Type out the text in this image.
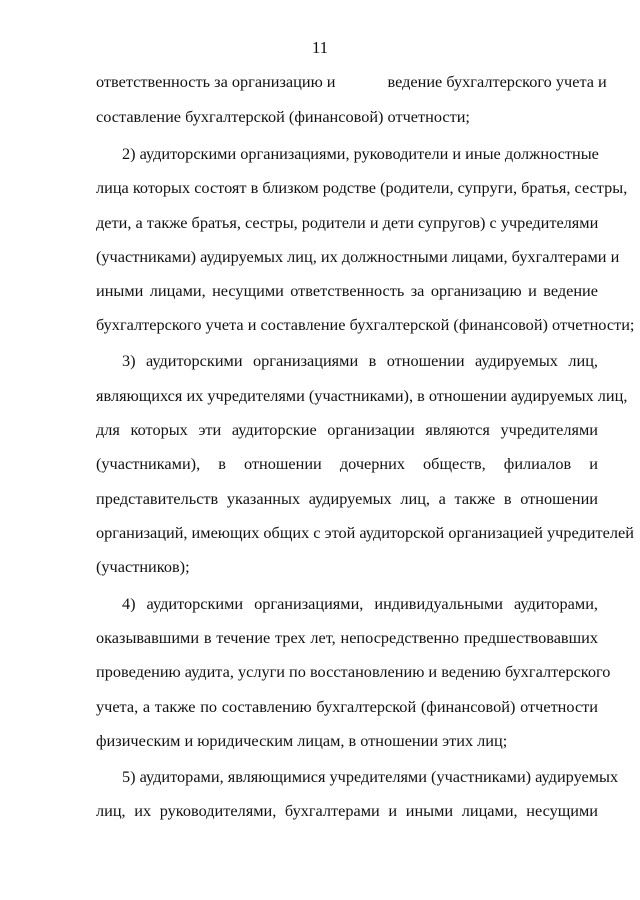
11
ответственность за организацию и	ведение бухгалтерского учета и
составление бухгалтерской (финансовой) отчетности;
2) аудиторскими организациями, руководители и иные должностные
лица которых состоят в близком родстве (родители, супруги, братья, сестры,
дети, а также братья, сестры, родители и дети супругов) с учредителями
(участниками) аудируемых лиц, их должностными лицами, бухгалтерами и
иными лицами, несущими ответственность за организацию и ведение
бухгалтерского учета и составление бухгалтерской (финансовой) отчетности;
3) аудиторскими организациями в отношении аудируемых лиц,
являющихся их учредителями (участниками), в отношении аудируемых лиц,
для которых эти аудиторские организации являются учредителями
(участниками), в отношении дочерних обществ, филиалов и
представительств указанных аудируемых лиц, а также в отношении
организаций, имеющих общих с этой аудиторской организацией учредителей
(участников);
4) аудиторскими организациями, индивидуальными аудиторами,
оказывавшими в течение трех лет, непосредственно предшествовавших
проведению аудита, услуги по восстановлению и ведению бухгалтерского
учета, а также по составлению бухгалтерской (финансовой) отчетности
физическим и юридическим лицам, в отношении этих лиц;
5) аудиторами, являющимися учредителями (участниками) аудируемых
лиц, их руководителями, бухгалтерами и иными лицами, несущими
